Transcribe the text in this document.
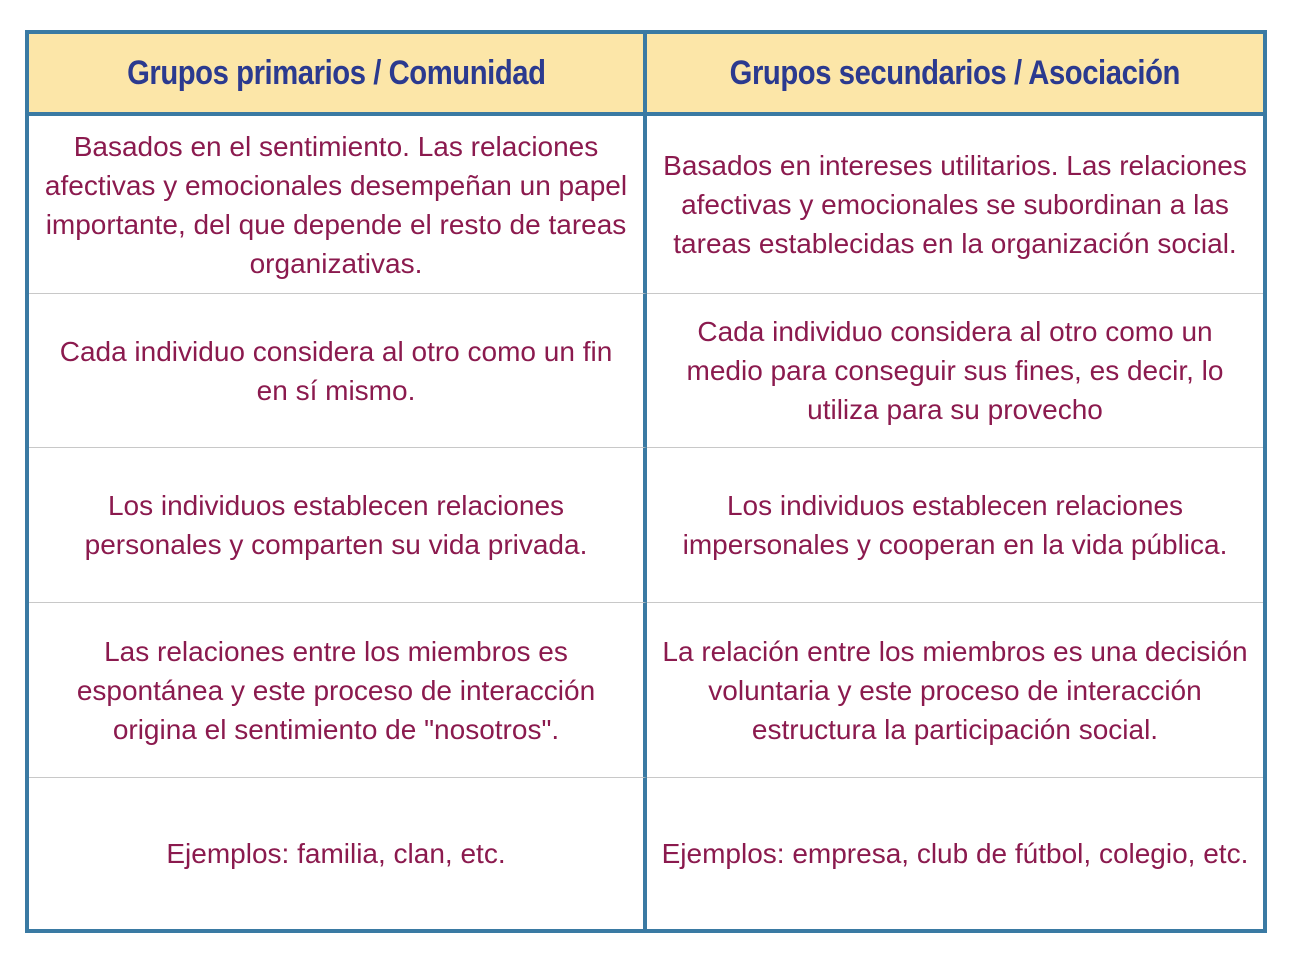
Grupos primarios / Comunidad	Grupos secundarios / Asociación
Basados en el sentimiento. Las relaciones afectivas y emocionales desempeñan un papel importante, del que depende el resto de tareas organizativas.
Basados en intereses utilitarios. Las relaciones afectivas y emocionales se subordinan a las tareas establecidas en la organización social.
Cada individuo considera al otro como un fin en sí mismo.
Cada individuo considera al otro como un medio para conseguir sus fines, es decir, lo utiliza para su provecho
Los individuos establecen relaciones personales y comparten su vida privada.
Los individuos establecen relaciones impersonales y cooperan en la vida pública.
Las relaciones entre los miembros es espontánea y este proceso de interacción origina el sentimiento de "nosotros".
La relación entre los miembros es una decisión voluntaria y este proceso de interacción estructura la participación social.
Ejemplos: familia, clan, etc.	Ejemplos: empresa, club de fútbol, colegio, etc.
